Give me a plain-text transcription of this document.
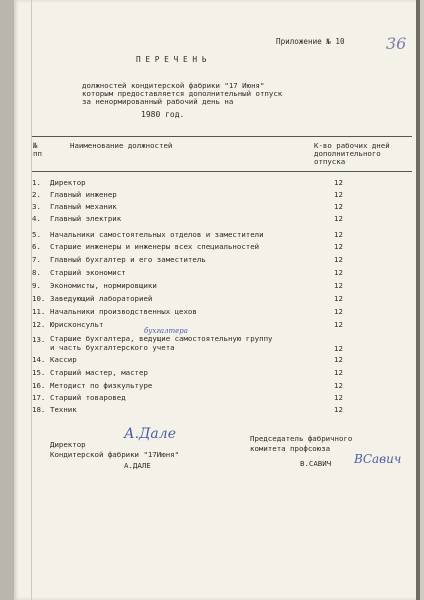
Приложение № 10	36
П Е Р Е Ч Е Н Ь
должностей кондитерской фабрики "17 Июня"
которым предоставляется дополнительный отпуск
за ненормированный рабочий день на
1980 год.
№
пп
Наименование должностей	К-во рабочих дней
дополнительного
отпуска
1. Директор	12
2. Главный инженер	12
3. Главный механик	12
4. Главный электрик	12
5. Начальники самостоятельных отделов и заместители	12
6. Старшие инженеры и инженеры всех специальностей	12
7. Главный бухгалтер и его заместитель	12
8. Старший экономист	12
9. Экономисты, нормировщики	12
10. Заведующий лабораторией	12
11. Начальники производственных цехов	12
12. Юрисконсульт	12
13. Старшие бухгалтера, ведущие самостоятельную группу
и часть бухгалтерского учета	12
бухгалтера
14. Кассир	12
15. Старший мастер, мастер	12
16. Методист по физкультуре	12
17. Старший товаровед	12
18. Техник	12
Директор
Кондитерской фабрики "17Июня"
А.ДАЛЕ
А.Дале	Председатель фабричного
комитета профсоюза
В.САВИЧ ВСавич
